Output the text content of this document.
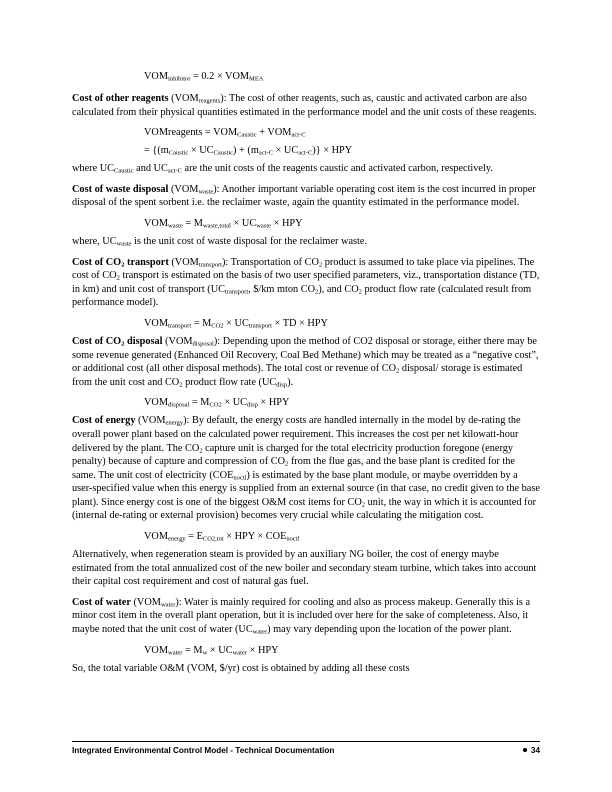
$VOM_{inhibitor} = 0.2 \times VOM_{MEA}$

Cost of other reagents $(VOM_{reagents})$: The cost of other reagents, such as, caustic and activated carbon are also calculated from their physical quantities estimated in the performance model and the unit costs of these reagents.

VOMreagents = $VOM_{Caustic} + VOM_{act-C}$

= $\{(m_{Caustic} \times UC_{Caustic}) + (m_{act-C} \times UC_{act-C})\}$ × HPY

where $UC_{Caustic}$ and $UC_{act-C}$ are the unit costs of the reagents caustic and activated carbon, respectively.

Cost of waste disposal $(VOM_{waste})$: Another important variable operating cost item is the cost incurred in proper disposal of the spent sorbent i.e. the reclaimer waste, again the quantity estimated in the performance model.

$VOM_{waste} = M_{waste,total} \times UC_{waste}$ × HPY

where, $UC_{waste}$ is the unit cost of waste disposal for the reclaimer waste.

Cost of $CO_2$ transport $(VOM_{transport})$: Transportation of $CO_2$ product is assumed to take place via pipelines. The cost of $CO_2$ transport is estimated on the basis of two user specified parameters, viz., transportation distance (TD, in km) and unit cost of transport ($UC_{transport}$, $/km mton $CO_2$), and $CO_2$ product flow rate (calculated result from performance model).

$VOM_{transport} = M_{CO2} \times UC_{transport}$ × TD × HPY

Cost of $CO_2$ disposal $(VOM_{disposal})$: Depending upon the method of CO2 disposal or storage, either there may be some revenue generated (Enhanced Oil Recovery, Coal Bed Methane) which may be treated as a “negative cost”, or additional cost (all other disposal methods). The total cost or revenue of $CO_2$ disposal/ storage is estimated from the unit cost and $CO_2$ product flow rate $(UC_{disp})$.

$VOM_{disposal} = M_{CO2} \times UC_{disp}$ × HPY

Cost of energy $(VOM_{energy})$: By default, the energy costs are handled internally in the model by de-rating the overall power plant based on the calculated power requirement. This increases the cost per net kilowatt-hour delivered by the plant. The $CO_2$ capture unit is charged for the total electricity production foregone (energy penalty) because of capture and compression of $CO_2$ from the flue gas, and the base plant is credited for the same. The unit cost of electricity $(COE_{noctl})$ is estimated by the base plant module, or maybe overridden by a user-specified value when this energy is supplied from an external source (in that case, no credit given to the base plant). Since energy cost is one of the biggest O&M cost items for $CO_2$ unit, the way in which it is accounted for (internal de-rating or external provision) becomes very crucial while calculating the mitigation cost.

$VOM_{energy} = E_{CO2,tot}$ × HPY × $COE_{noctl}$

Alternatively, when regeneration steam is provided by an auxiliary NG boiler, the cost of energy maybe estimated from the total annualized cost of the new boiler and secondary steam turbine, which takes into account their capital cost requirement and cost of natural gas fuel.

Cost of water $(VOM_{water})$: Water is mainly required for cooling and also as process makeup. Generally this is a minor cost item in the overall plant operation, but it is included over here for the sake of completeness. Also, it maybe noted that the unit cost of water $(UC_{water})$ may vary depending upon the location of the power plant.

$VOM_{water} = M_w \times UC_{water}$ × HPY

So, the total variable O&M (VOM, $/yr) cost is obtained by adding all these costs

Integrated Environmental Control Model - Technical Documentation	34
